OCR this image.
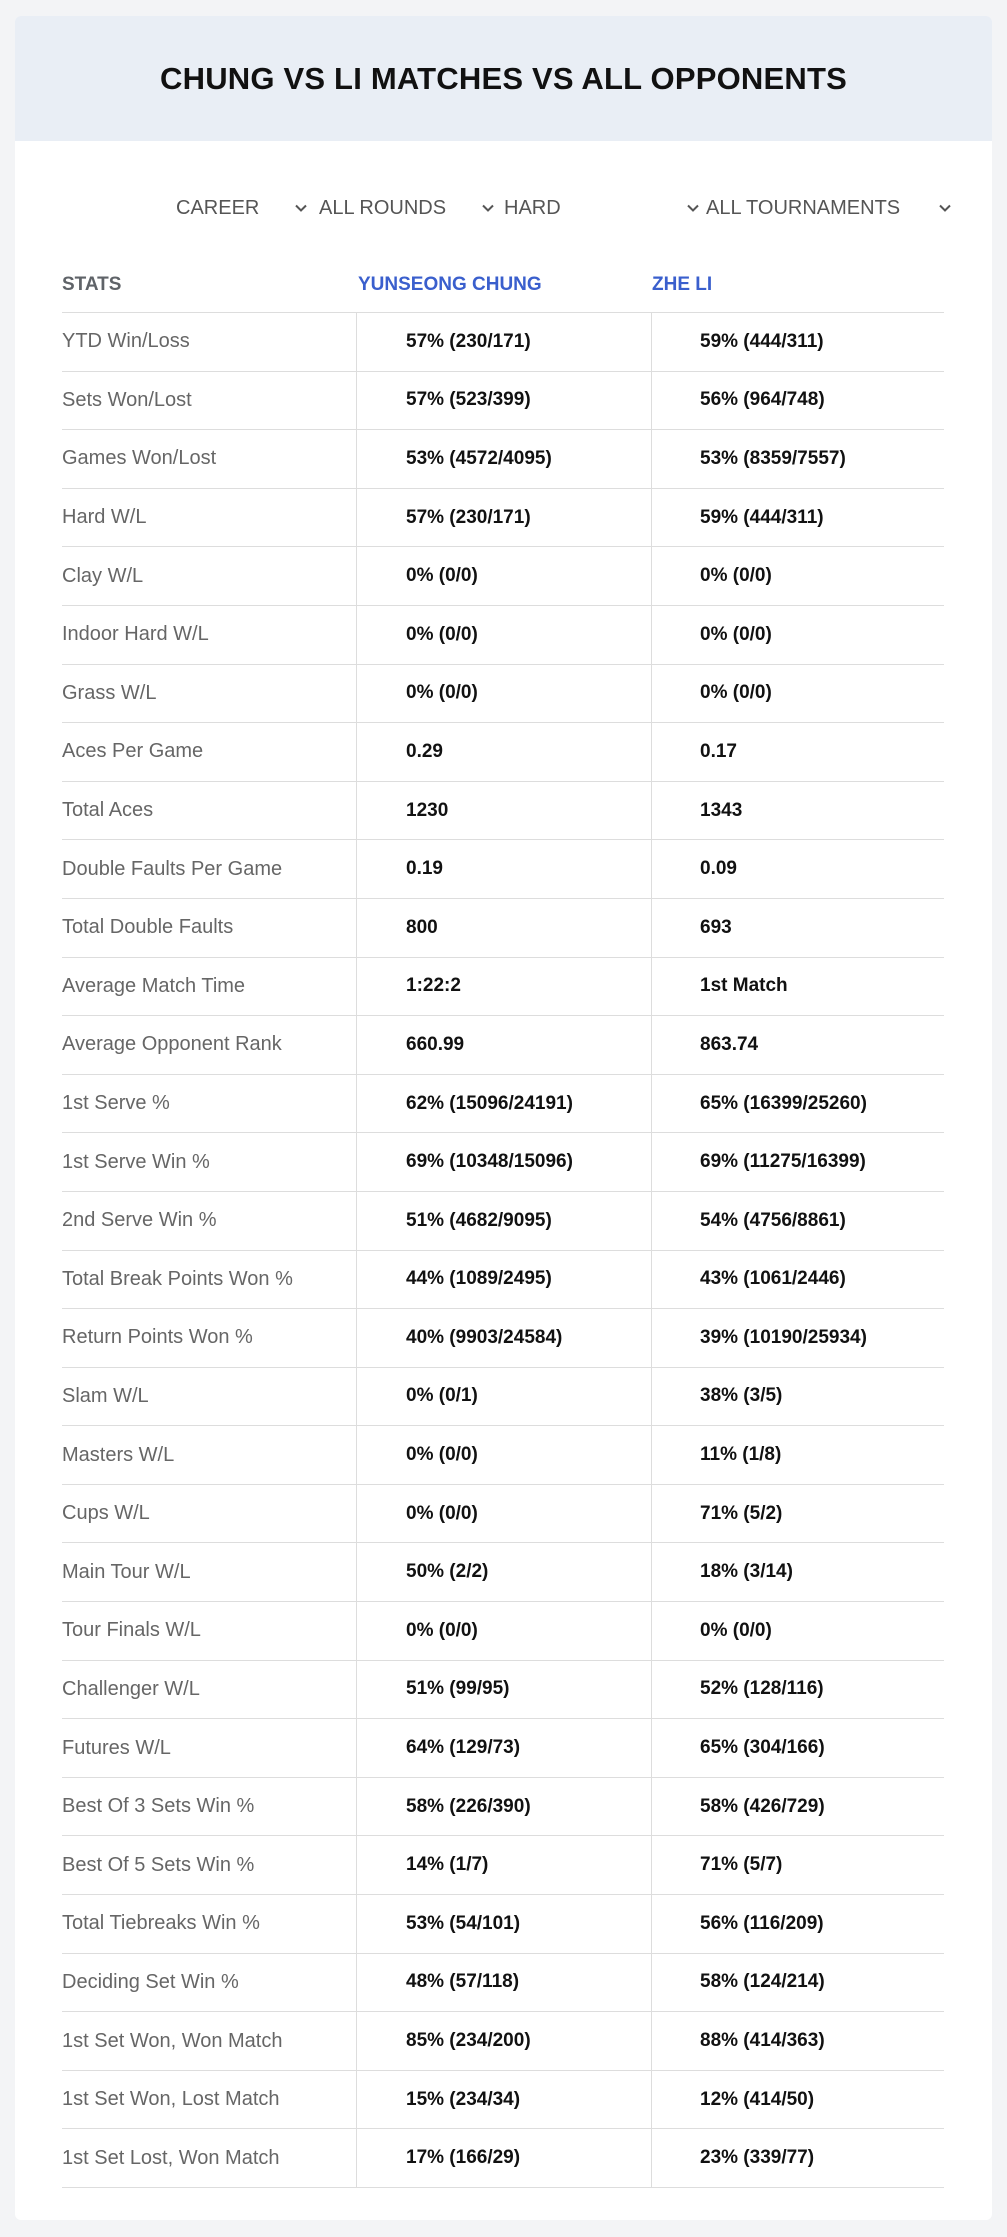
CHUNG VS LI MATCHES VS ALL OPPONENTS
CAREER	ALL ROUNDS	HARD	ALL TOURNAMENTS
STATS	YUNSEONG CHUNG	ZHE LI
YTD Win/Loss	57% (230/171)	59% (444/311)
Sets Won/Lost	57% (523/399)	56% (964/748)
Games Won/Lost	53% (4572/4095)	53% (8359/7557)
Hard W/L	57% (230/171)	59% (444/311)
Clay W/L	0% (0/0)	0% (0/0)
Indoor Hard W/L	0% (0/0)	0% (0/0)
Grass W/L	0% (0/0)	0% (0/0)
Aces Per Game	0.29	0.17
Total Aces	1230	1343
Double Faults Per Game	0.19	0.09
Total Double Faults	800	693
Average Match Time	1:22:2	1st Match
Average Opponent Rank	660.99	863.74
1st Serve %	62% (15096/24191)	65% (16399/25260)
1st Serve Win %	69% (10348/15096)	69% (11275/16399)
2nd Serve Win %	51% (4682/9095)	54% (4756/8861)
Total Break Points Won %	44% (1089/2495)	43% (1061/2446)
Return Points Won %	40% (9903/24584)	39% (10190/25934)
Slam W/L	0% (0/1)	38% (3/5)
Masters W/L	0% (0/0)	11% (1/8)
Cups W/L	0% (0/0)	71% (5/2)
Main Tour W/L	50% (2/2)	18% (3/14)
Tour Finals W/L	0% (0/0)	0% (0/0)
Challenger W/L	51% (99/95)	52% (128/116)
Futures W/L	64% (129/73)	65% (304/166)
Best Of 3 Sets Win %	58% (226/390)	58% (426/729)
Best Of 5 Sets Win %	14% (1/7)	71% (5/7)
Total Tiebreaks Win %	53% (54/101)	56% (116/209)
Deciding Set Win %	48% (57/118)	58% (124/214)
1st Set Won, Won Match	85% (234/200)	88% (414/363)
1st Set Won, Lost Match	15% (234/34)	12% (414/50)
1st Set Lost, Won Match	17% (166/29)	23% (339/77)
